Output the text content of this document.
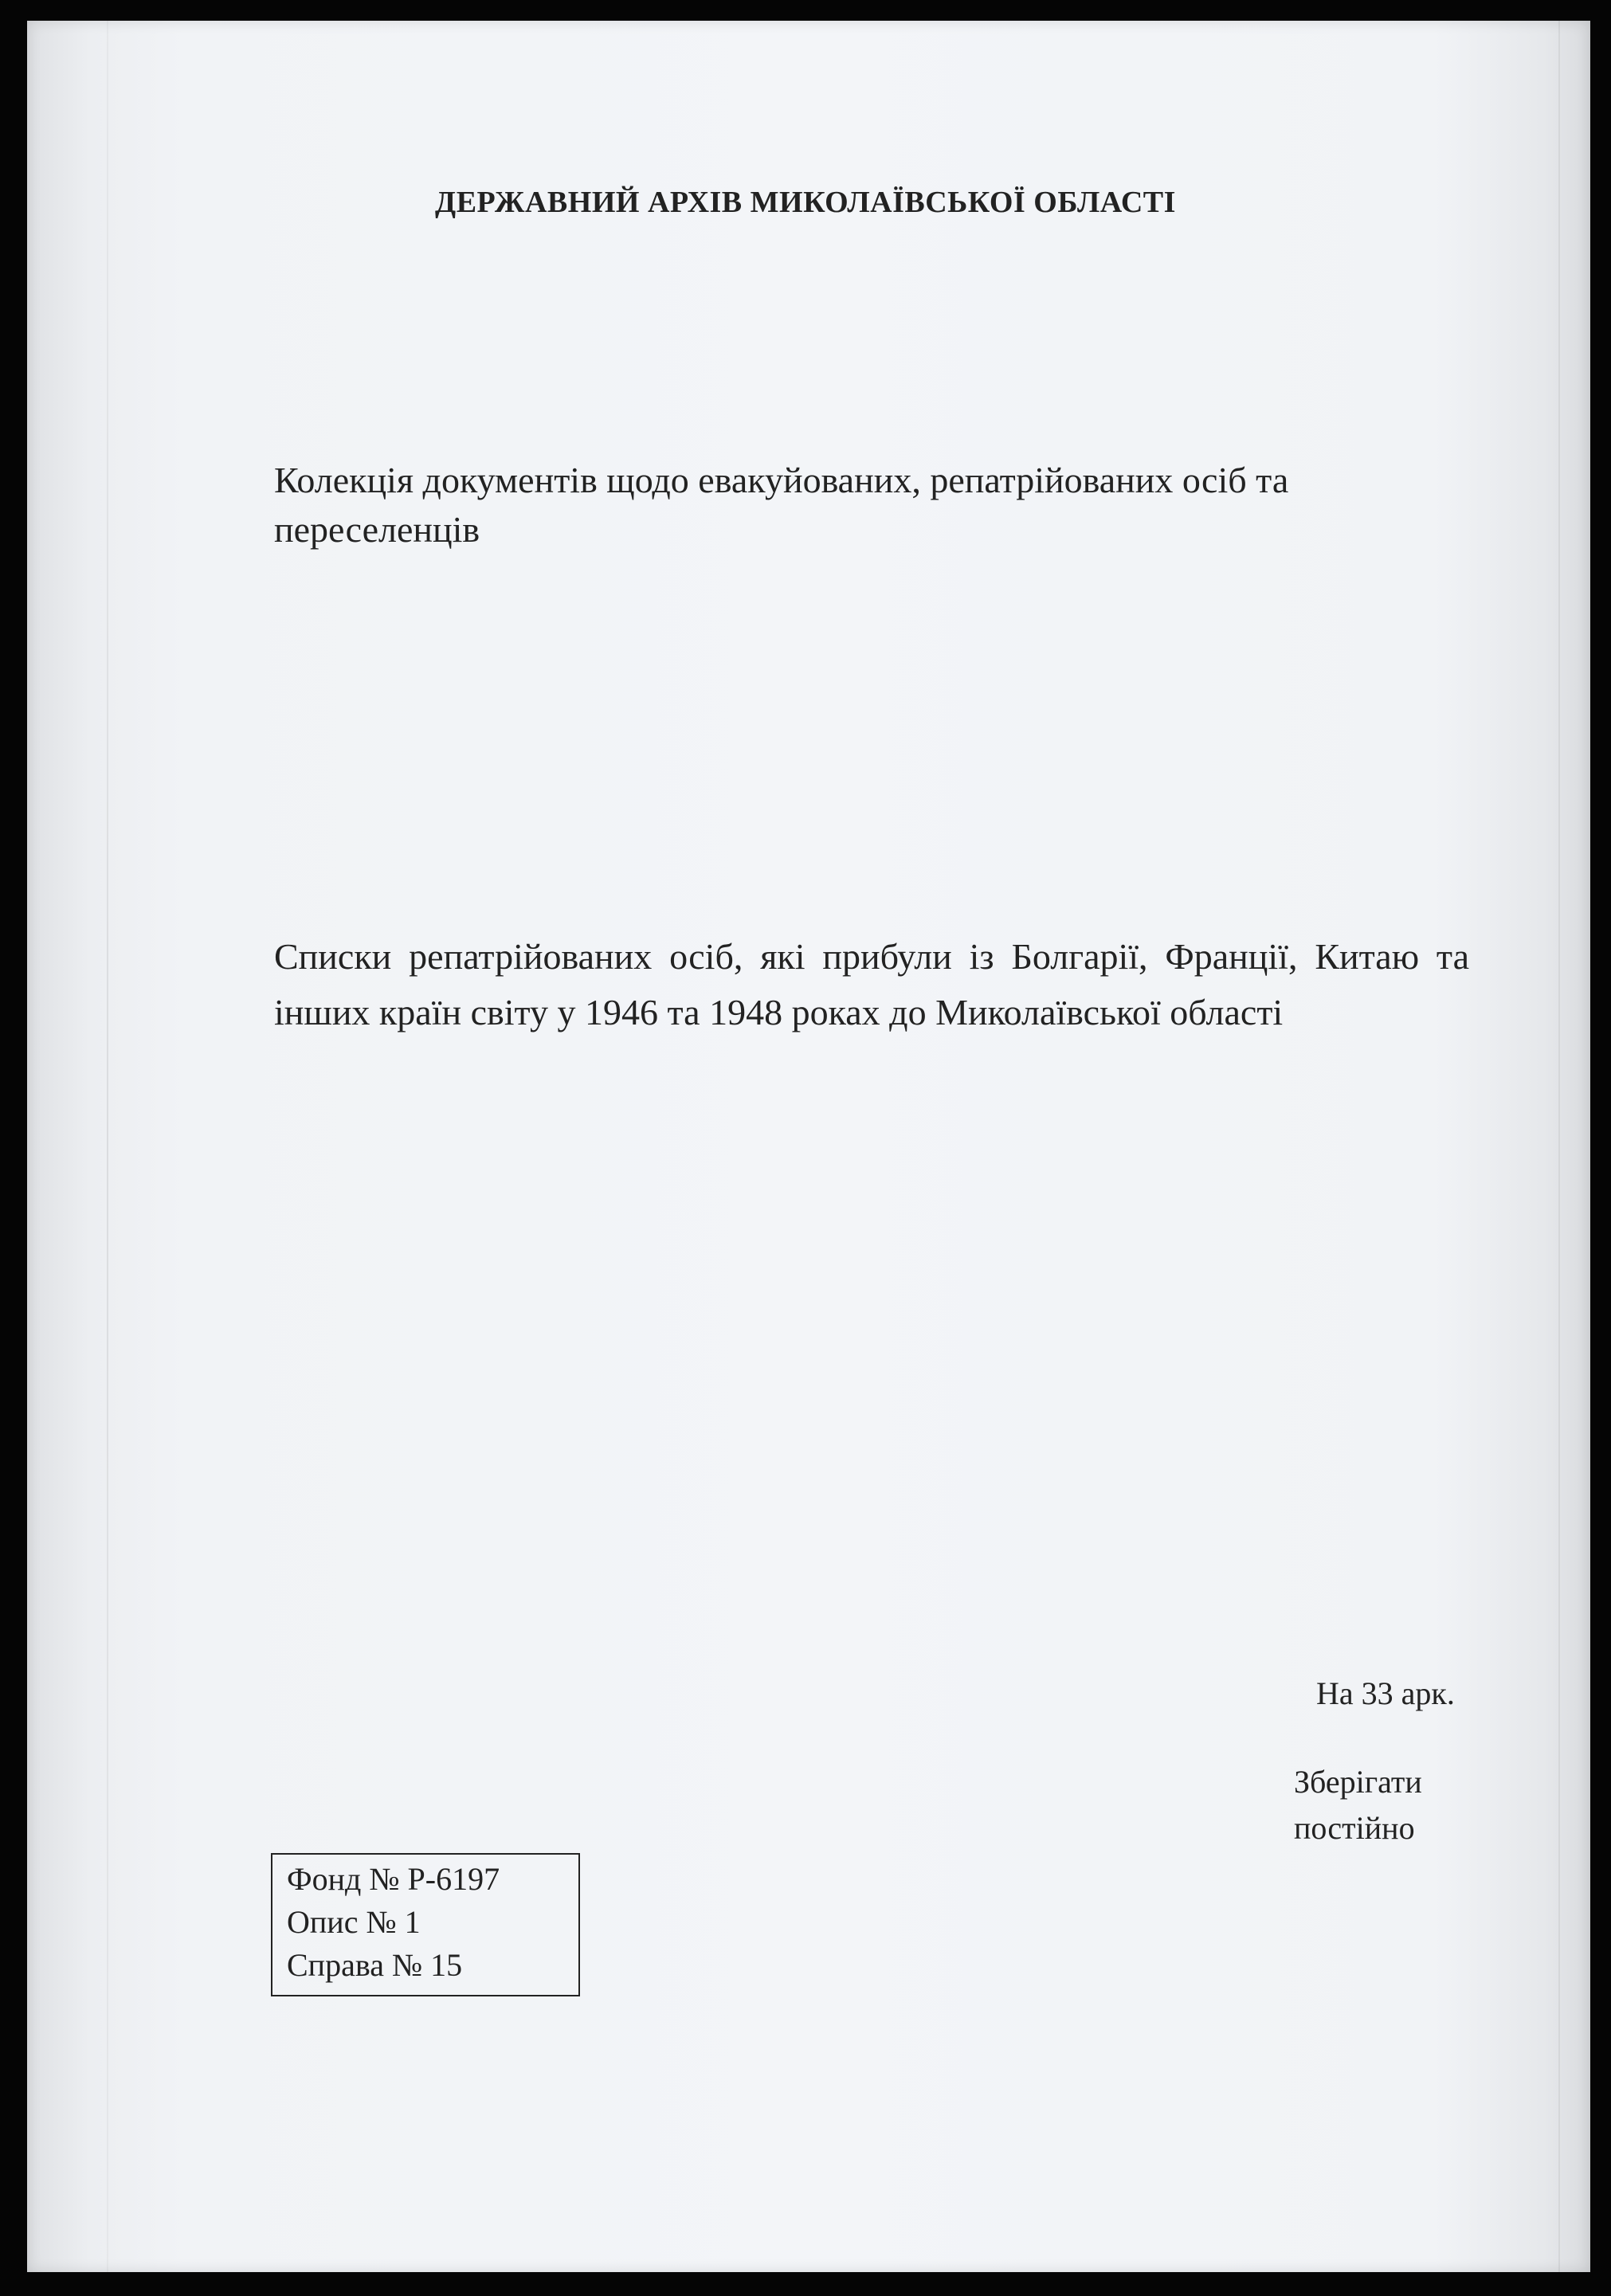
ДЕРЖАВНИЙ АРХІВ МИКОЛАЇВСЬКОЇ ОБЛАСТІ
Колекція документів щодо евакуйованих, репатрійованих осіб та переселенців
Списки репатрійованих осіб, які прибули із Болгарії, Франції, Китаю та інших країн світу у 1946 та 1948 роках до Миколаївської області
На 33 арк.
Зберігати
постійно
Фонд № Р-6197
Опис № 1
Справа № 15
